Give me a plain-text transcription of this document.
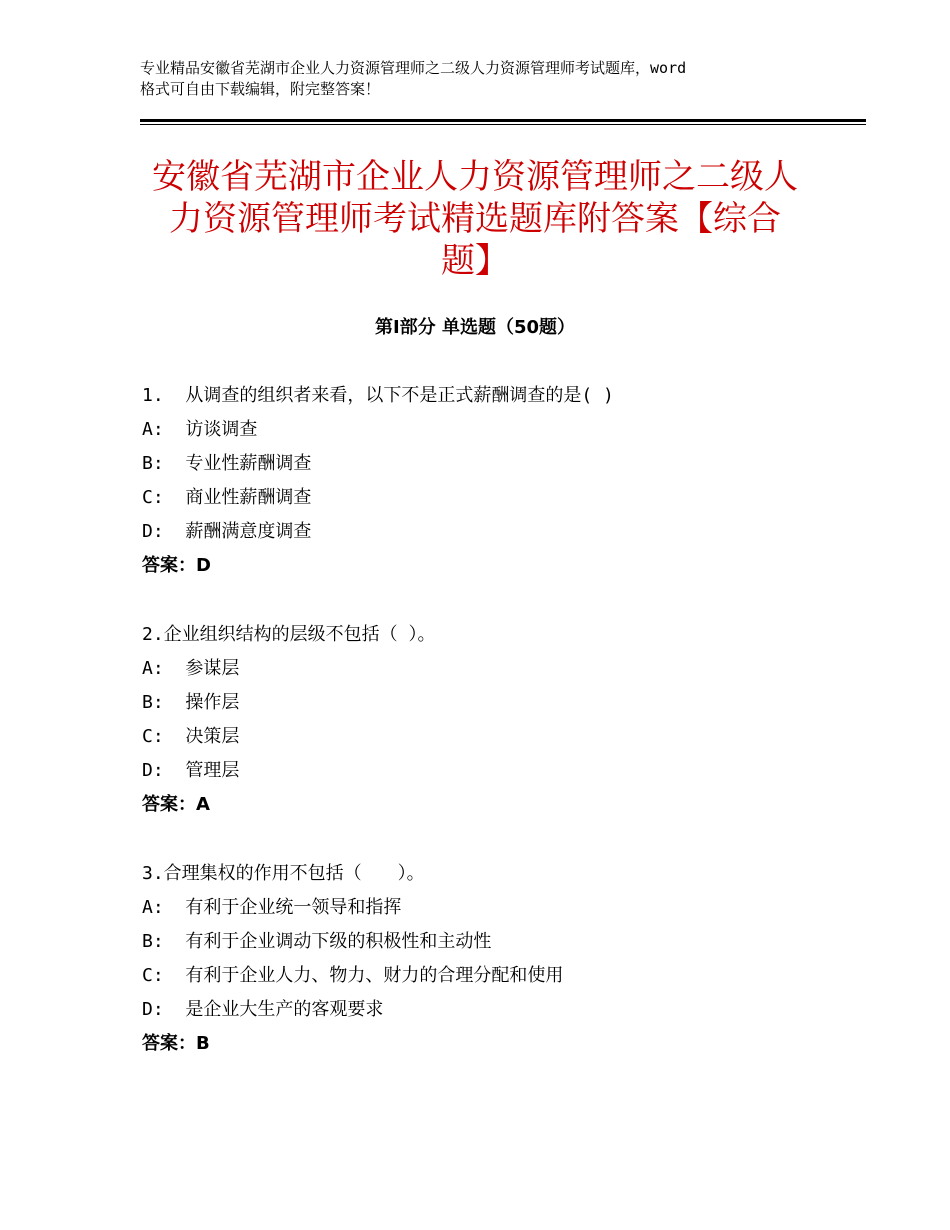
专业精品安徽省芜湖市企业人力资源管理师之二级人力资源管理师考试题库，word
格式可自由下载编辑，附完整答案！
安徽省芜湖市企业人力资源管理师之二级人
力资源管理师考试精选题库附答案【综合
题】
第Ⅰ部分 单选题（50题）
1.  从调查的组织者来看，以下不是正式薪酬调查的是( )
A:  访谈调查
B:  专业性薪酬调查
C:  商业性薪酬调查
D:  薪酬满意度调查
答案：D
2.企业组织结构的层级不包括（ ）。
A:  参谋层
B:  操作层
C:  决策层
D:  管理层
答案：A
3.合理集权的作用不包括（　　）。
A:  有利于企业统一领导和指挥
B:  有利于企业调动下级的积极性和主动性
C:  有利于企业人力、物力、财力的合理分配和使用
D:  是企业大生产的客观要求
答案：B
